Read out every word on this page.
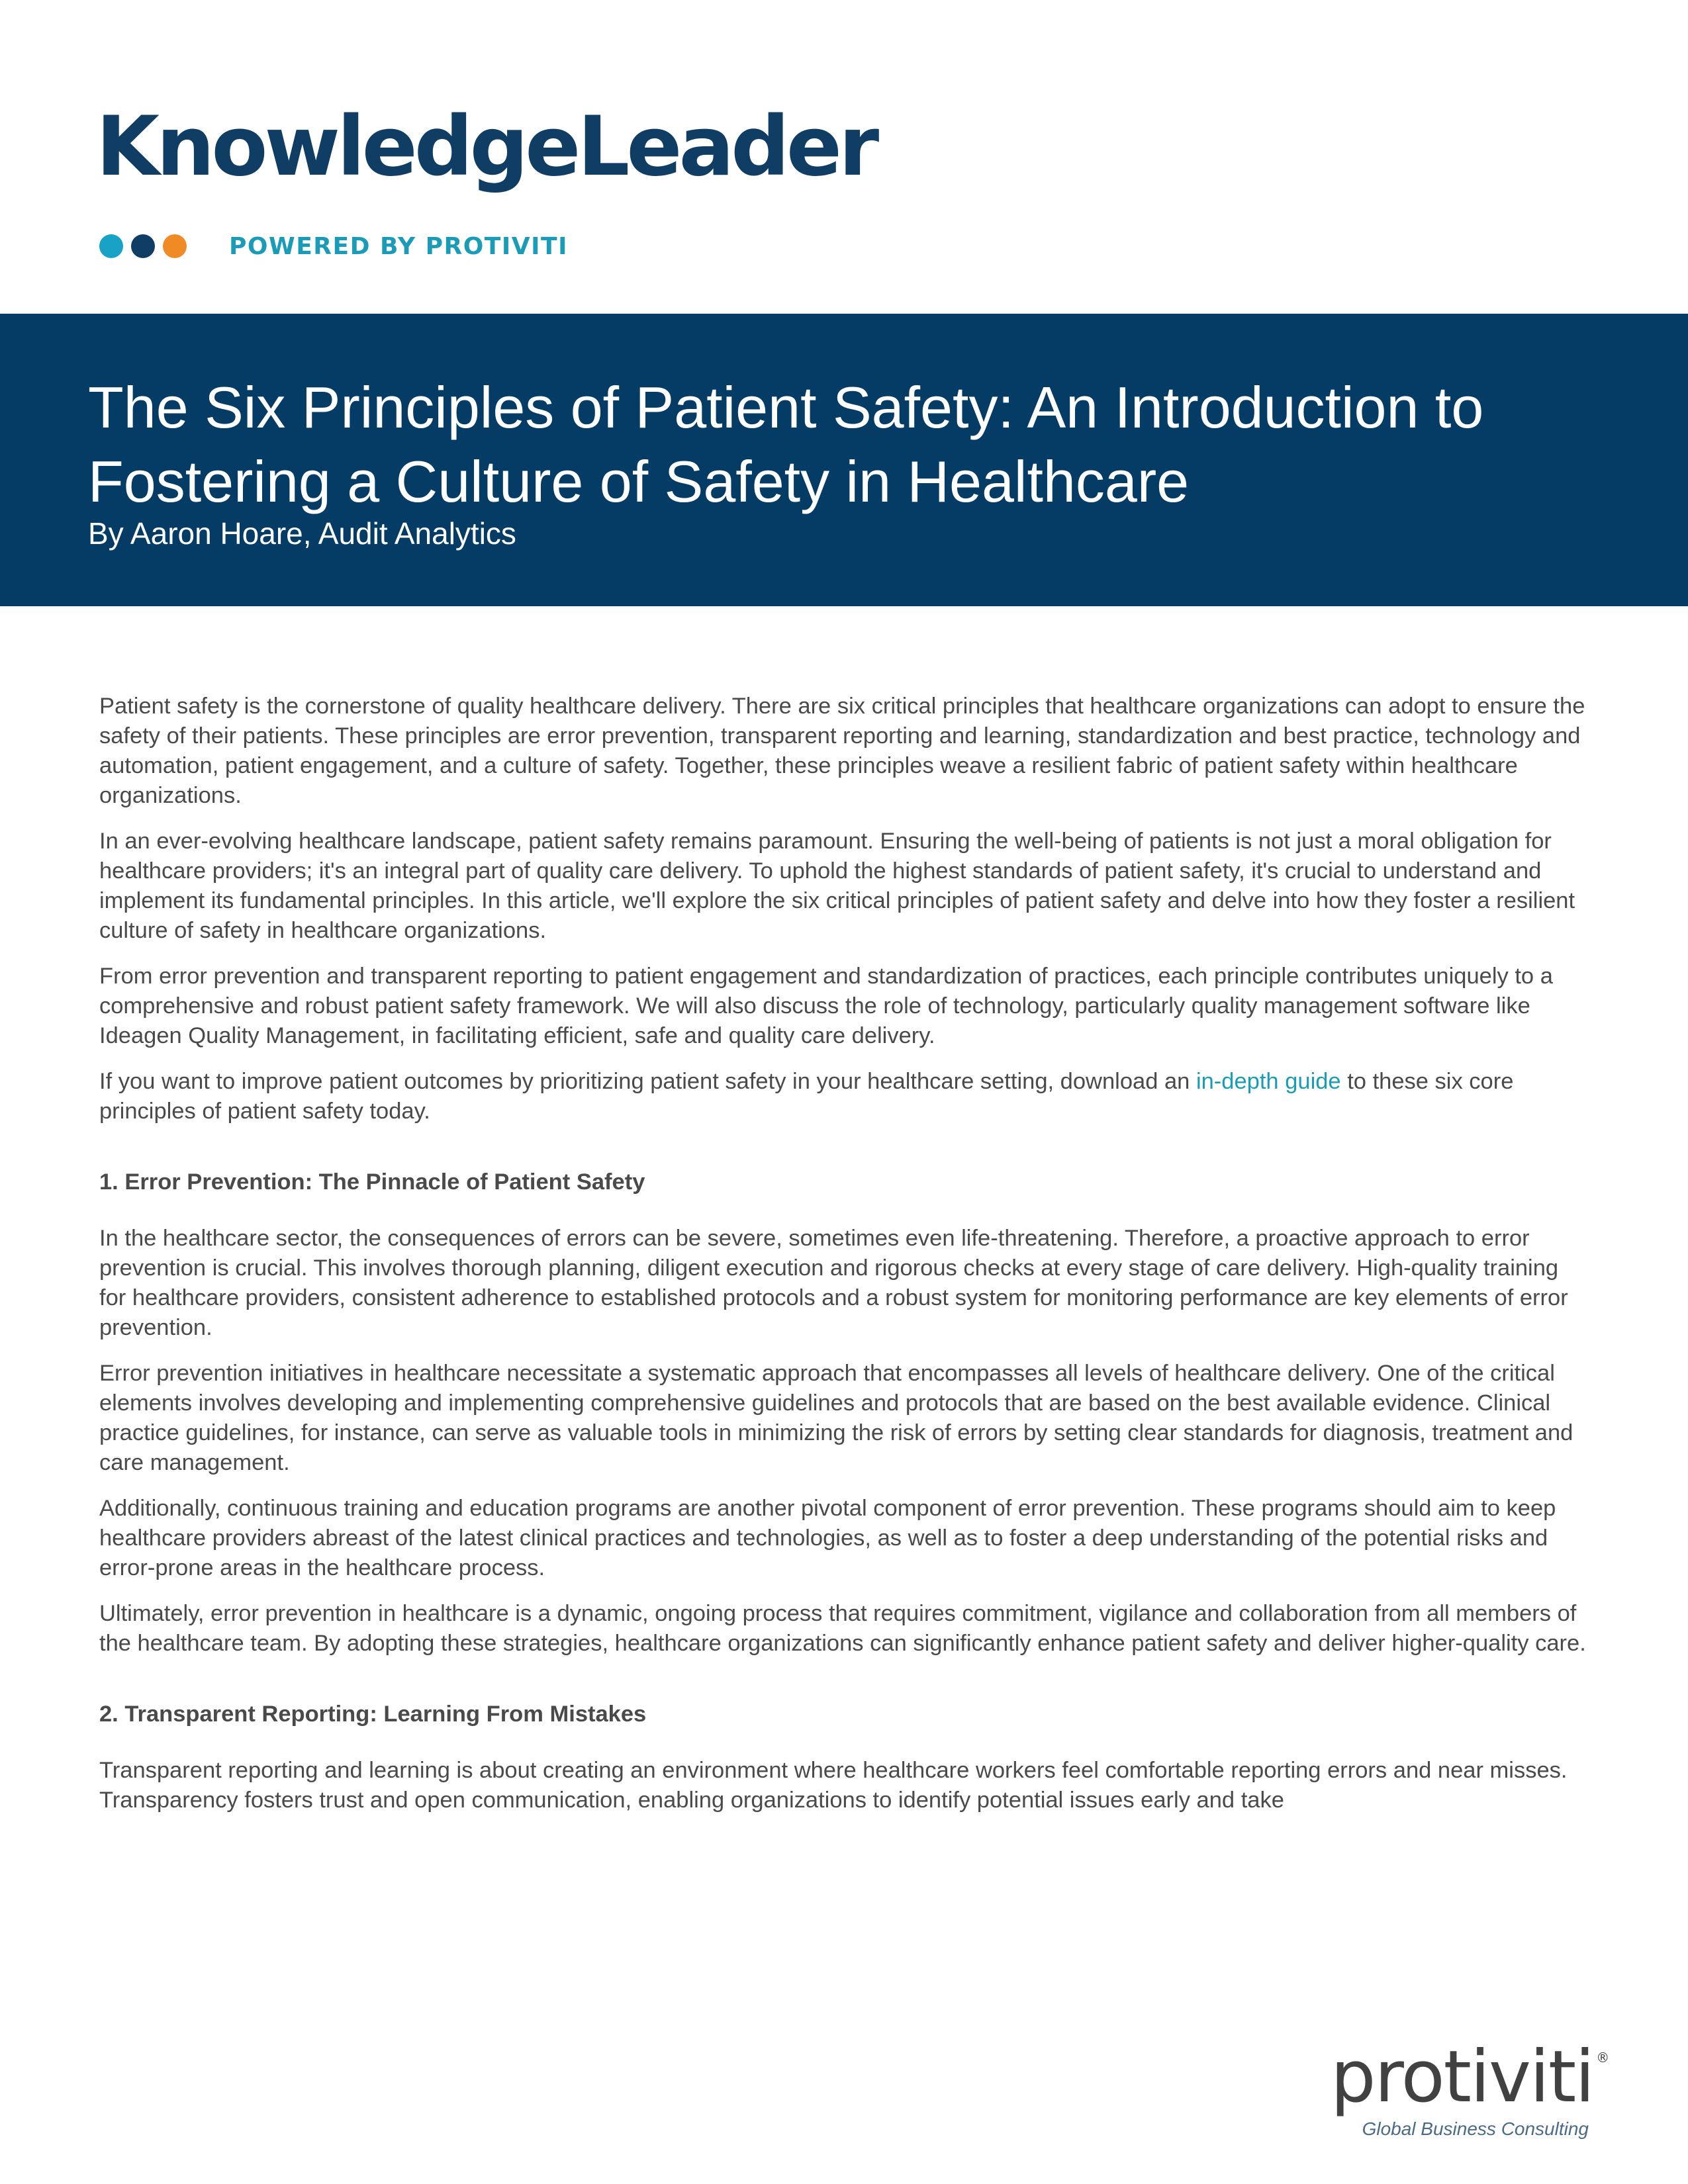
KnowledgeLeader
POWERED BY PROTIVITI
The Six Principles of Patient Safety: An Introduction to
Fostering a Culture of Safety in Healthcare
By Aaron Hoare, Audit Analytics

Patient safety is the cornerstone of quality healthcare delivery. There are six critical principles that healthcare organizations can adopt to ensure the safety of their patients. These principles are error prevention, transparent reporting and learning, standardization and best practice, technology and automation, patient engagement, and a culture of safety. Together, these principles weave a resilient fabric of patient safety within healthcare organizations.

In an ever-evolving healthcare landscape, patient safety remains paramount. Ensuring the well-being of patients is not just a moral obligation for healthcare providers; it's an integral part of quality care delivery. To uphold the highest standards of patient safety, it's crucial to understand and implement its fundamental principles. In this article, we'll explore the six critical principles of patient safety and delve into how they foster a resilient culture of safety in healthcare organizations.

From error prevention and transparent reporting to patient engagement and standardization of practices, each principle contributes uniquely to a comprehensive and robust patient safety framework. We will also discuss the role of technology, particularly quality management software like Ideagen Quality Management, in facilitating efficient, safe and quality care delivery.

If you want to improve patient outcomes by prioritizing patient safety in your healthcare setting, download an in-depth guide to these six core principles of patient safety today.

1. Error Prevention: The Pinnacle of Patient Safety

In the healthcare sector, the consequences of errors can be severe, sometimes even life-threatening. Therefore, a proactive approach to error prevention is crucial. This involves thorough planning, diligent execution and rigorous checks at every stage of care delivery. High-quality training for healthcare providers, consistent adherence to established protocols and a robust system for monitoring performance are key elements of error prevention.

Error prevention initiatives in healthcare necessitate a systematic approach that encompasses all levels of healthcare delivery. One of the critical elements involves developing and implementing comprehensive guidelines and protocols that are based on the best available evidence. Clinical practice guidelines, for instance, can serve as valuable tools in minimizing the risk of errors by setting clear standards for diagnosis, treatment and care management.

Additionally, continuous training and education programs are another pivotal component of error prevention. These programs should aim to keep healthcare providers abreast of the latest clinical practices and technologies, as well as to foster a deep understanding of the potential risks and error-prone areas in the healthcare process.

Ultimately, error prevention in healthcare is a dynamic, ongoing process that requires commitment, vigilance and collaboration from all members of the healthcare team. By adopting these strategies, healthcare organizations can significantly enhance patient safety and deliver higher-quality care.

2. Transparent Reporting: Learning From Mistakes

Transparent reporting and learning is about creating an environment where healthcare workers feel comfortable reporting errors and near misses. Transparency fosters trust and open communication, enabling organizations to identify potential issues early and take

protiviti ®
Global Business Consulting
